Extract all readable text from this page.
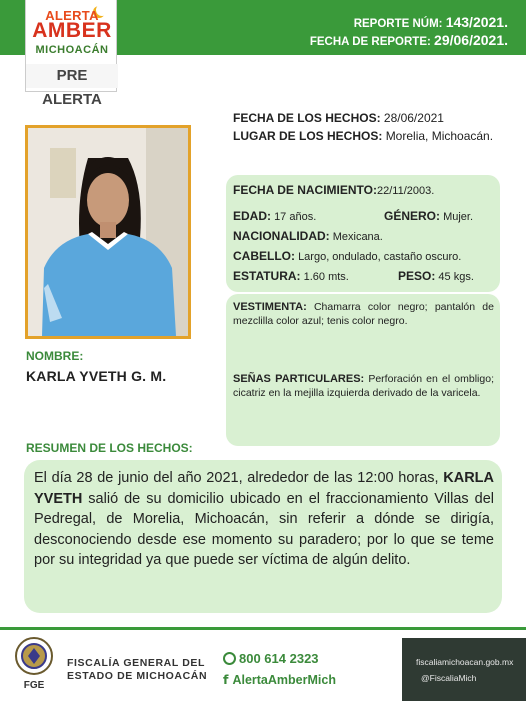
ALERTA
AMBER
MICHOACÁN
PRE ALERTA
REPORTE NÚM: 143/2021.
FECHA DE REPORTE: 29/06/2021.
NOMBRE:
KARLA YVETH G. M.
FECHA DE LOS HECHOS: 28/06/2021
LUGAR DE LOS HECHOS: Morelia, Michoacán.
FECHA DE NACIMIENTO:22/11/2003.
EDAD: 17 años.	GÉNERO: Mujer.
NACIONALIDAD: Mexicana.
CABELLO: Largo, ondulado, castaño oscuro.
ESTATURA: 1.60 mts.	PESO: 45 kgs.
VESTIMENTA: Chamarra color negro; pantalón de mezclilla color azul; tenis color negro.
SEÑAS PARTICULARES: Perforación en el ombligo; cicatriz en la mejilla izquierda derivado de la varicela.
RESUMEN DE LOS HECHOS:
El día 28 de junio del año 2021, alrededor de las 12:00 horas, KARLA YVETH salió de su domicilio ubicado en el fraccionamiento Villas del Pedregal, de Morelia, Michoacán, sin referir a dónde se dirigía, desconociendo desde ese momento su paradero; por lo que se teme por su integridad ya que puede ser víctima de algún delito.
FGE
FISCALÍA GENERAL DEL
ESTADO DE MICHOACÁN
800 614 2323
f AlertaAmberMich
fiscaliamichoacan.gob.mx
@FiscaliaMich
